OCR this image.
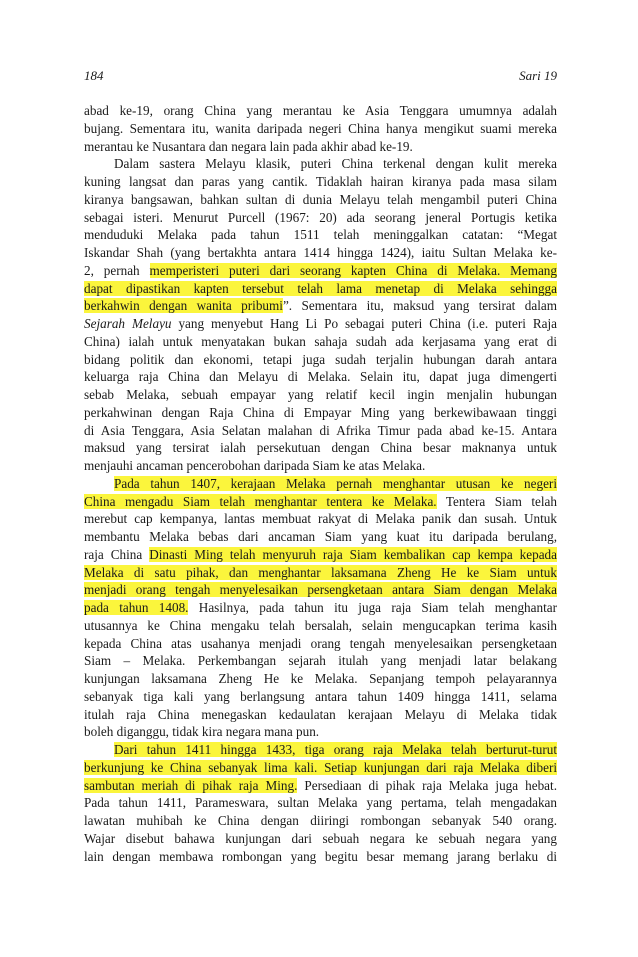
184	Sari 19
abad ke-19, orang China yang merantau ke Asia Tenggara umumnya adalah
bujang. Sementara itu, wanita daripada negeri China hanya mengikut suami mereka
merantau ke Nusantara dan negara lain pada akhir abad ke-19.
Dalam sastera Melayu klasik, puteri China terkenal dengan kulit mereka
kuning langsat dan paras yang cantik. Tidaklah hairan kiranya pada masa silam
kiranya bangsawan, bahkan sultan di dunia Melayu telah mengambil puteri China
sebagai isteri. Menurut Purcell (1967: 20) ada seorang jeneral Portugis ketika
menduduki Melaka pada tahun 1511 telah meninggalkan catatan: “Megat
Iskandar Shah (yang bertakhta antara 1414 hingga 1424), iaitu Sultan Melaka ke-
2, pernah memperisteri puteri dari seorang kapten China di Melaka. Memang
dapat dipastikan kapten tersebut telah lama menetap di Melaka sehingga
berkahwin dengan wanita pribumi”. Sementara itu, maksud yang tersirat dalam
Sejarah Melayu yang menyebut Hang Li Po sebagai puteri China (i.e. puteri Raja
China) ialah untuk menyatakan bukan sahaja sudah ada kerjasama yang erat di
bidang politik dan ekonomi, tetapi juga sudah terjalin hubungan darah antara
keluarga raja China dan Melayu di Melaka. Selain itu, dapat juga dimengerti
sebab Melaka, sebuah empayar yang relatif kecil ingin menjalin hubungan
perkahwinan dengan Raja China di Empayar Ming yang berkewibawaan tinggi
di Asia Tenggara, Asia Selatan malahan di Afrika Timur pada abad ke-15. Antara
maksud yang tersirat ialah persekutuan dengan China besar maknanya untuk
menjauhi ancaman pencerobohan daripada Siam ke atas Melaka.
Pada tahun 1407, kerajaan Melaka pernah menghantar utusan ke negeri
China mengadu Siam telah menghantar tentera ke Melaka. Tentera Siam telah
merebut cap kempanya, lantas membuat rakyat di Melaka panik dan susah. Untuk
membantu Melaka bebas dari ancaman Siam yang kuat itu daripada berulang,
raja China Dinasti Ming telah menyuruh raja Siam kembalikan cap kempa kepada
Melaka di satu pihak, dan menghantar laksamana Zheng He ke Siam untuk
menjadi orang tengah menyelesaikan persengketaan antara Siam dengan Melaka
pada tahun 1408. Hasilnya, pada tahun itu juga raja Siam telah menghantar
utusannya ke China mengaku telah bersalah, selain mengucapkan terima kasih
kepada China atas usahanya menjadi orang tengah menyelesaikan persengketaan
Siam – Melaka. Perkembangan sejarah itulah yang menjadi latar belakang
kunjungan laksamana Zheng He ke Melaka. Sepanjang tempoh pelayarannya
sebanyak tiga kali yang berlangsung antara tahun 1409 hingga 1411, selama
itulah raja China menegaskan kedaulatan kerajaan Melayu di Melaka tidak
boleh diganggu, tidak kira negara mana pun.
Dari tahun 1411 hingga 1433, tiga orang raja Melaka telah berturut-turut
berkunjung ke China sebanyak lima kali. Setiap kunjungan dari raja Melaka diberi
sambutan meriah di pihak raja Ming. Persediaan di pihak raja Melaka juga hebat.
Pada tahun 1411, Parameswara, sultan Melaka yang pertama, telah mengadakan
lawatan muhibah ke China dengan diiringi rombongan sebanyak 540 orang.
Wajar disebut bahawa kunjungan dari sebuah negara ke sebuah negara yang
lain dengan membawa rombongan yang begitu besar memang jarang berlaku di
